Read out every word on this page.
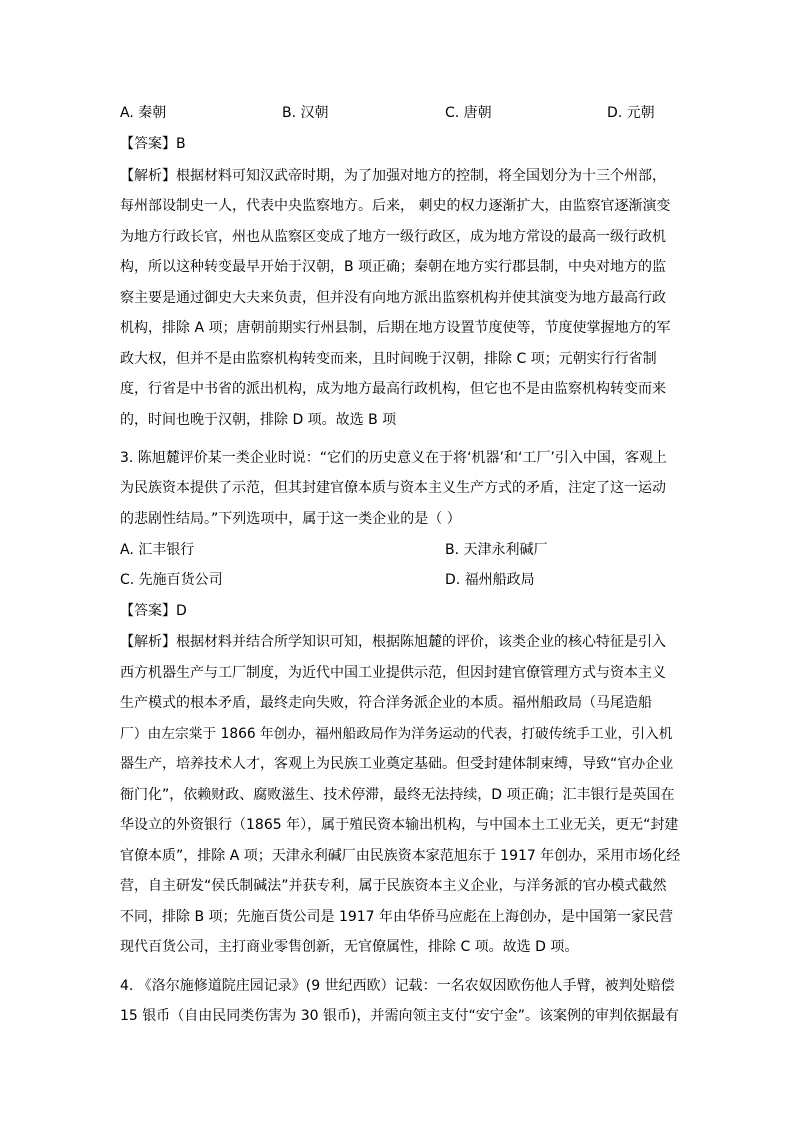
A. 秦朝	B. 汉朝	C. 唐朝	D. 元朝
【答案】B
【解析】根据材料可知汉武帝时期，为了加强对地方的控制，将全国划分为十三个州部，
每州部设制史一人，代表中央监察地方。后来， 刺史的权力逐渐扩大，由监察官逐渐演变
为地方行政长官，州也从监察区变成了地方一级行政区，成为地方常设的最高一级行政机
构，所以这种转变最早开始于汉朝，B 项正确；秦朝在地方实行郡县制，中央对地方的监
察主要是通过御史大夫来负责，但并没有向地方派出监察机构并使其演变为地方最高行政
机构，排除 A 项；唐朝前期实行州县制，后期在地方设置节度使等，节度使掌握地方的军
政大权，但并不是由监察机构转变而来，且时间晚于汉朝，排除 C 项；元朝实行行省制
度，行省是中书省的派出机构，成为地方最高行政机构，但它也不是由监察机构转变而来
的，时间也晚于汉朝，排除 D 项。故选 B 项
3. 陈旭麓评价某一类企业时说：“它们的历史意义在于将‘机器’和‘工厂’引入中国，客观上
为民族资本提供了示范，但其封建官僚本质与资本主义生产方式的矛盾，注定了这一运动
的悲剧性结局。”下列选项中，属于这一类企业的是（ ）
A. 汇丰银行	B. 天津永利碱厂
C. 先施百货公司	D. 福州船政局
【答案】D
【解析】根据材料并结合所学知识可知，根据陈旭麓的评价，该类企业的核心特征是引入
西方机器生产与工厂制度，为近代中国工业提供示范，但因封建官僚管理方式与资本主义
生产模式的根本矛盾，最终走向失败，符合洋务派企业的本质。福州船政局（马尾造船
厂）由左宗棠于 1866 年创办，福州船政局作为洋务运动的代表，打破传统手工业，引入机
器生产，培养技术人才，客观上为民族工业奠定基础。但受封建体制束缚，导致“官办企业
衙门化”，依赖财政、腐败滋生、技术停滞，最终无法持续，D 项正确；汇丰银行是英国在
华设立的外资银行（1865 年），属于殖民资本输出机构，与中国本土工业无关，更无“封建
官僚本质”，排除 A 项；天津永利碱厂由民族资本家范旭东于 1917 年创办，采用市场化经
营，自主研发“侯氏制碱法”并获专利，属于民族资本主义企业，与洋务派的官办模式截然
不同，排除 B 项；先施百货公司是 1917 年由华侨马应彪在上海创办，是中国第一家民营
现代百货公司，主打商业零售创新，无官僚属性，排除 C 项。故选 D 项。
4. 《洛尔施修道院庄园记录》(9 世纪西欧）记载：一名农奴因欧伤他人手臂，被判处赔偿
15 银币（自由民同类伤害为 30 银币)，并需向领主支付“安宁金”。该案例的审判依据最有
